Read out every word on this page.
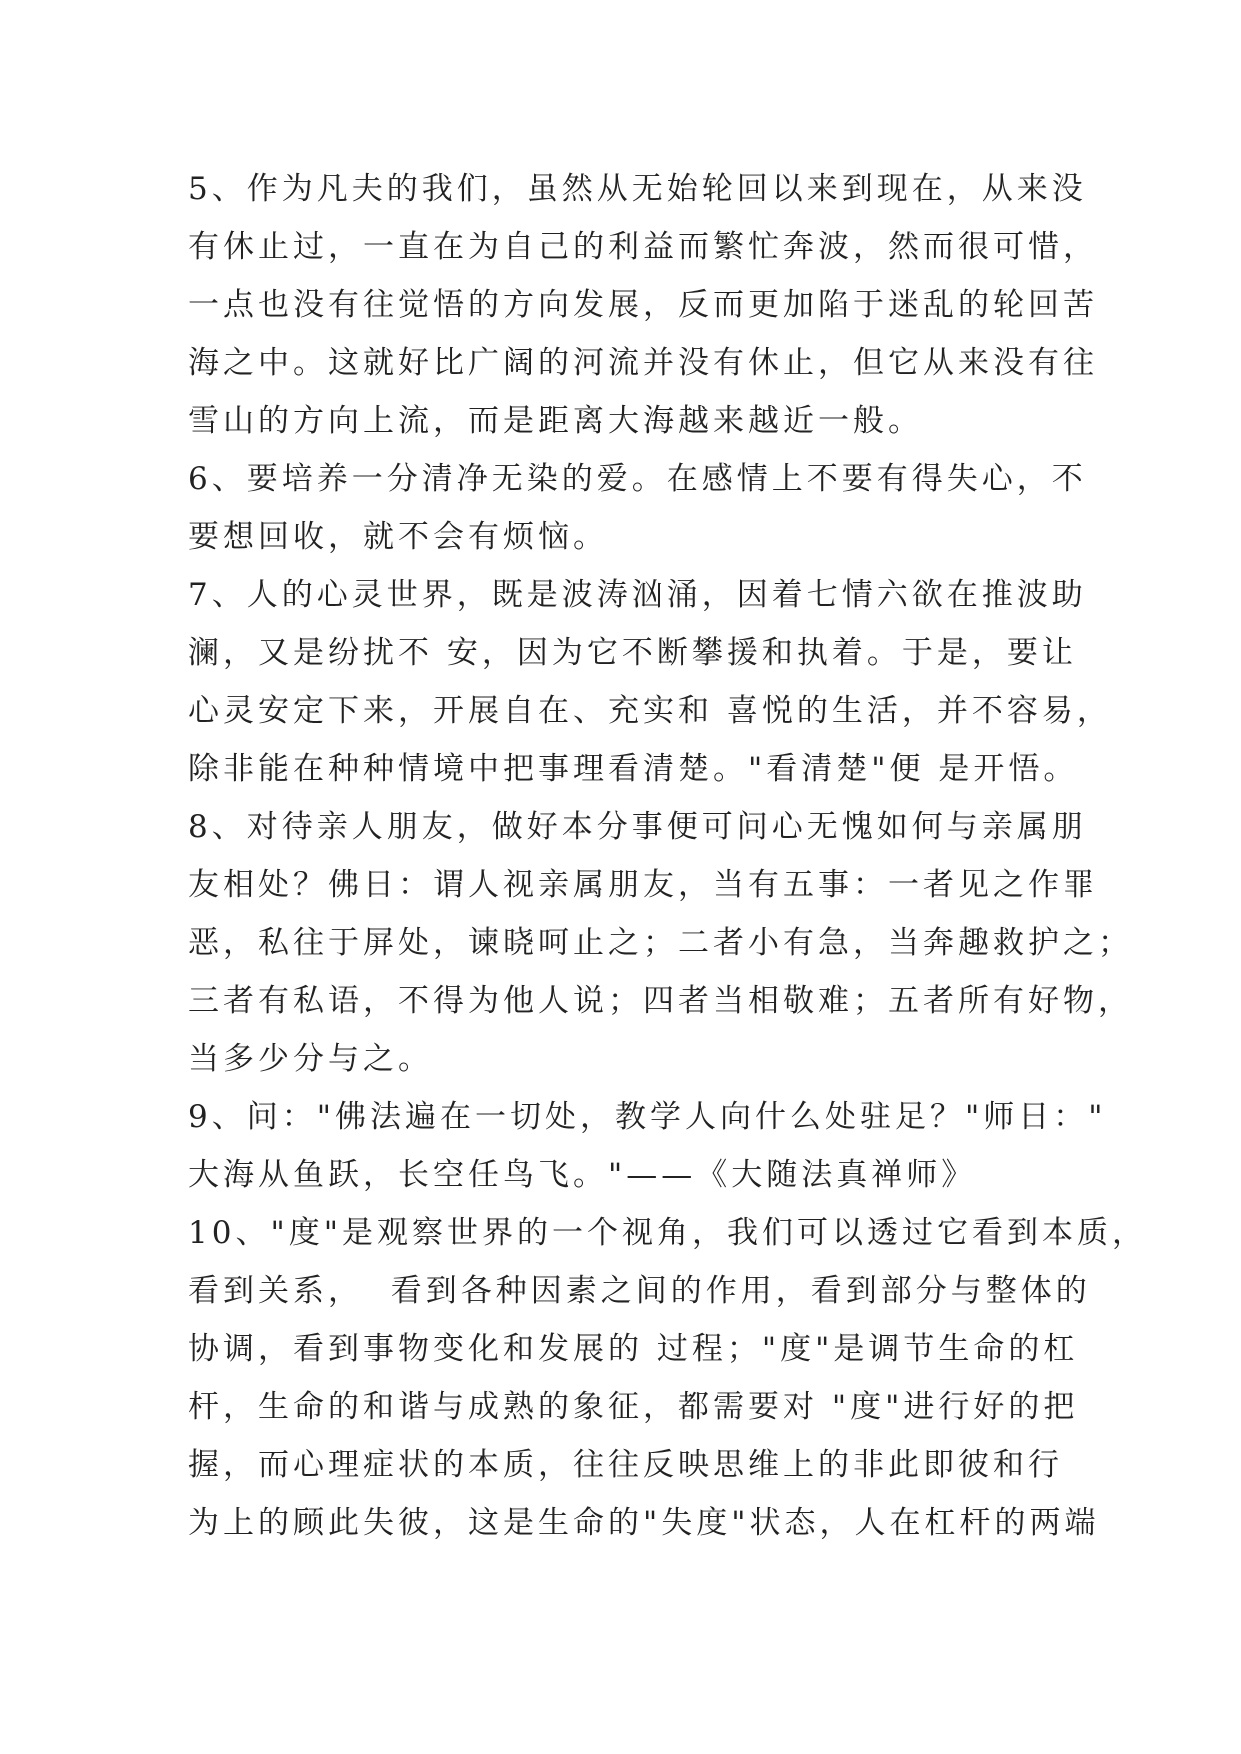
5、作为凡夫的我们，虽然从无始轮回以来到现在，从来没
有休止过，一直在为自己的利益而繁忙奔波，然而很可惜，
一点也没有往觉悟的方向发展，反而更加陷于迷乱的轮回苦
海之中。这就好比广阔的河流并没有休止，但它从来没有往
雪山的方向上流，而是距离大海越来越近一般。
6、要培养一分清净无染的爱。在感情上不要有得失心，不
要想回收，就不会有烦恼。
7、人的心灵世界，既是波涛汹涌，因着七情六欲在推波助
澜，又是纷扰不 安，因为它不断攀援和执着。于是，要让
心灵安定下来，开展自在、充实和 喜悦的生活，并不容易，
除非能在种种情境中把事理看清楚。"看清楚"便 是开悟。
8、对待亲人朋友，做好本分事便可问心无愧如何与亲属朋
友相处？佛日：谓人视亲属朋友，当有五事：一者见之作罪
恶，私往于屏处，谏晓呵止之；二者小有急，当奔趣救护之；
三者有私语，不得为他人说；四者当相敬难；五者所有好物，
当多少分与之。
9、问："佛法遍在一切处，教学人向什么处驻足？"师日："
大海从鱼跃，长空任鸟飞。"——《大随法真禅师》
10、"度"是观察世界的一个视角，我们可以透过它看到本质，
看到关系，  看到各种因素之间的作用，看到部分与整体的
协调，看到事物变化和发展的 过程；"度"是调节生命的杠
杆，生命的和谐与成熟的象征，都需要对 "度"进行好的把
握，而心理症状的本质，往往反映思维上的非此即彼和行
为上的顾此失彼，这是生命的"失度"状态，人在杠杆的两端
